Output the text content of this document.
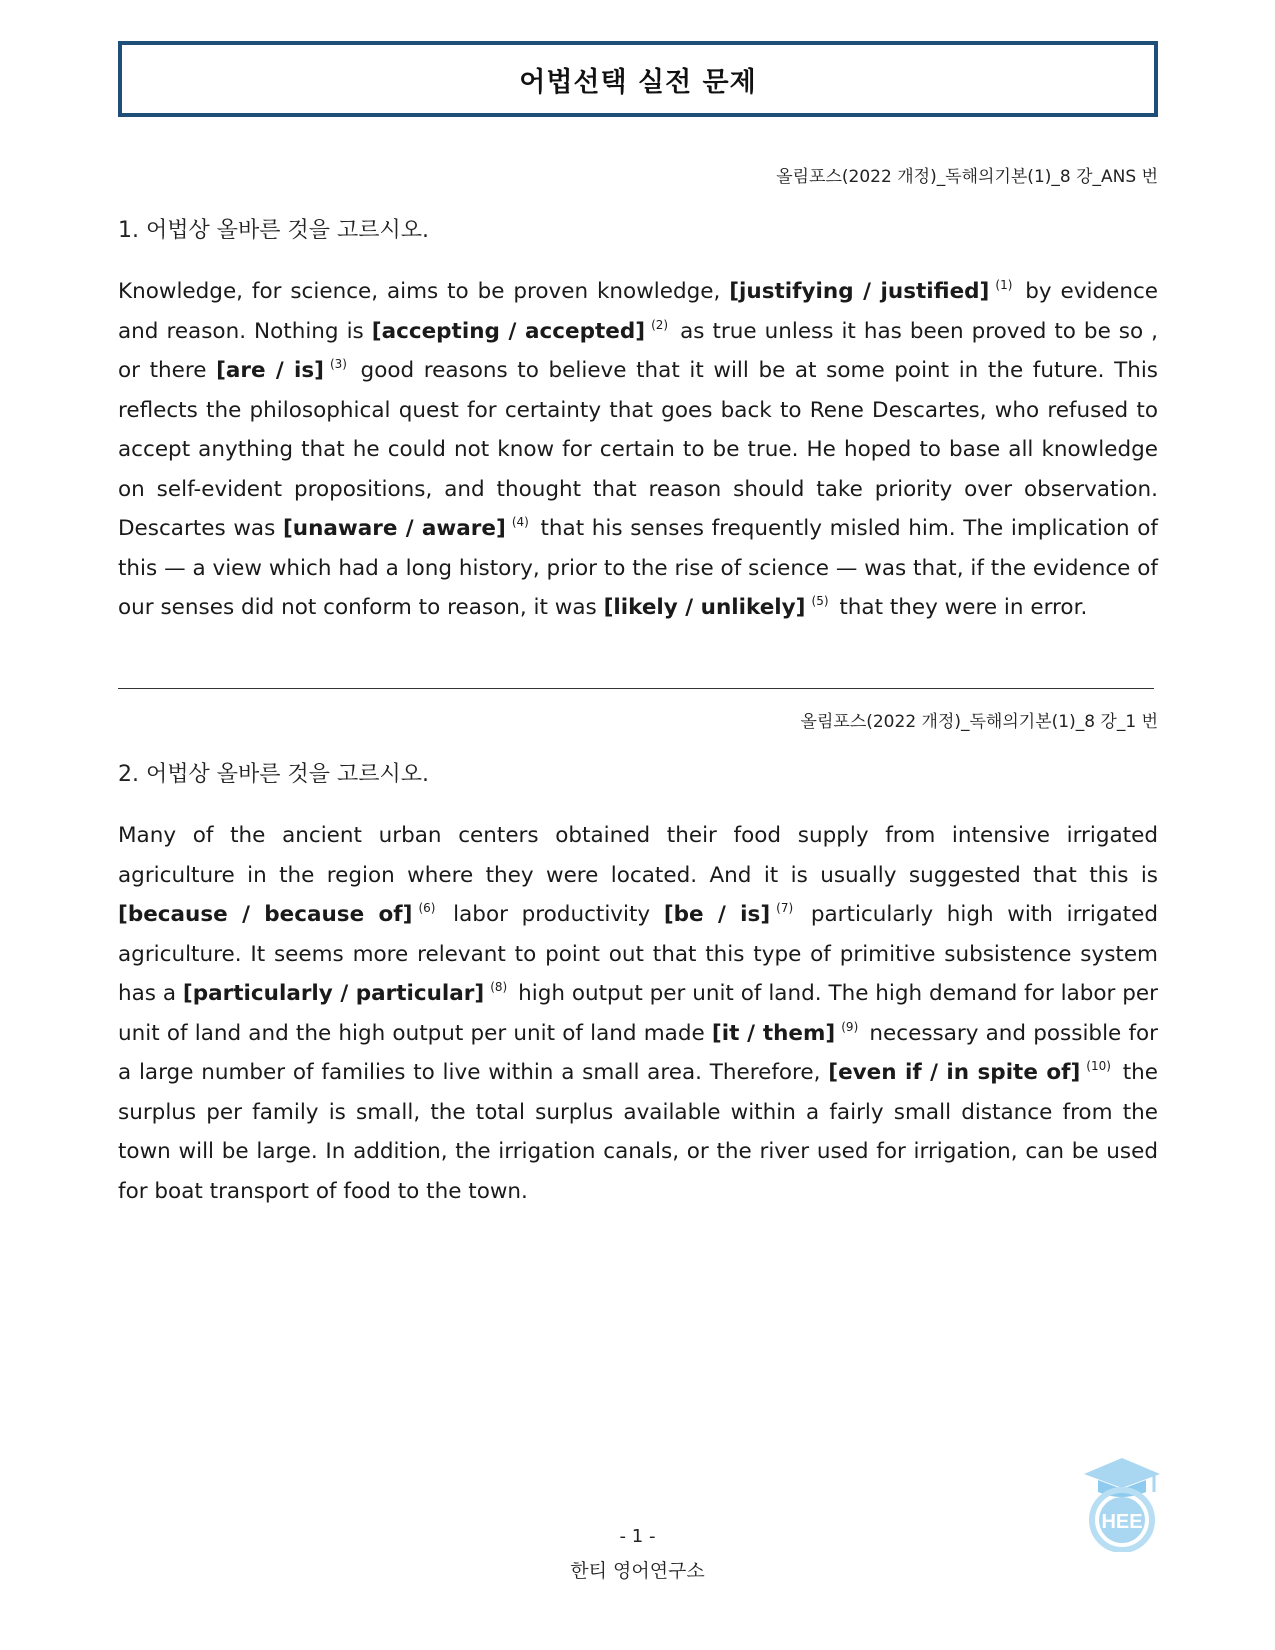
어법선택 실전 문제
올림포스(2022 개정)_독해의기본(1)_8 강_ANS 번
1. 어법상 올바른 것을 고르시오.
Knowledge, for science, aims to be proven knowledge, [justifying / justified] $^{(1)}$ by evidence and reason. Nothing is [accepting / accepted] $^{(2)}$ as true unless it has been proved to be so , or there [are / is] $^{(3)}$ good reasons to believe that it will be at some point in the future. This reflects the philosophical quest for certainty that goes back to Rene Descartes, who refused to accept anything that he could not know for certain to be true. He hoped to base all knowledge on self-evident propositions, and thought that reason should take priority over observation. Descartes was [unaware / aware] $^{(4)}$ that his senses frequently misled him. The implication of this — a view which had a long history, prior to the rise of science — was that, if the evidence of our senses did not conform to reason, it was [likely / unlikely] $^{(5)}$ that they were in error.
올림포스(2022 개정)_독해의기본(1)_8 강_1 번
2. 어법상 올바른 것을 고르시오.
Many of the ancient urban centers obtained their food supply from intensive irrigated agriculture in the region where they were located. And it is usually suggested that this is [because / because of] $^{(6)}$ labor productivity [be / is] $^{(7)}$ particularly high with irrigated agriculture. It seems more relevant to point out that this type of primitive subsistence system has a [particularly / particular] $^{(8)}$ high output per unit of land. The high demand for labor per unit of land and the high output per unit of land made [it / them] $^{(9)}$ necessary and possible for a large number of families to live within a small area. Therefore, [even if / in spite of] $^{(10)}$ the surplus per family is small, the total surplus available within a fairly small distance from the town will be large. In addition, the irrigation canals, or the river used for irrigation, can be used for boat transport of food to the town.
- 1 -
한티 영어연구소
HEE
